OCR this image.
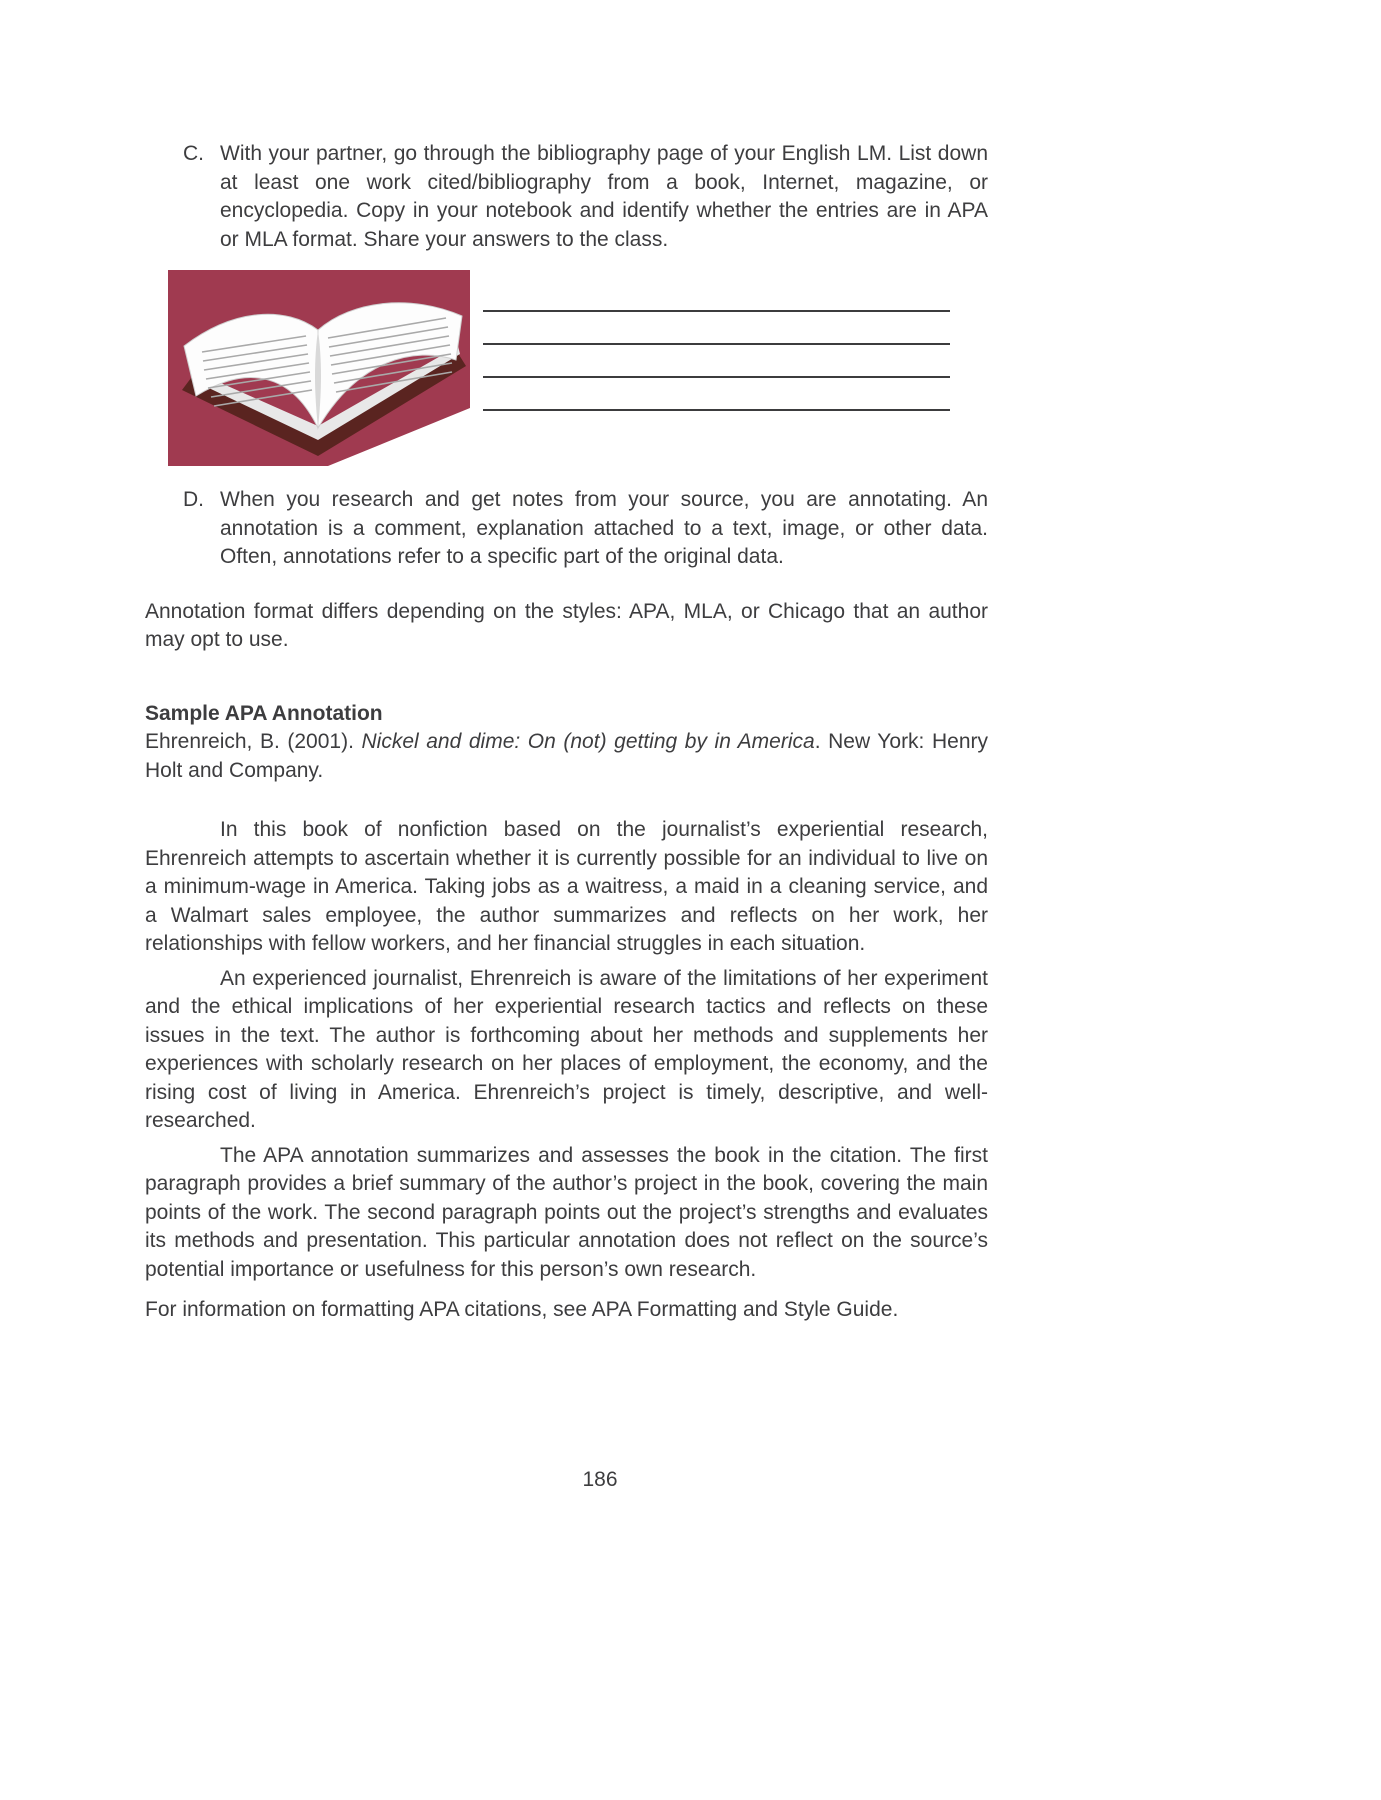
C. With your partner, go through the bibliography page of your English LM. List down at least one work cited/bibliography from a book, Internet, magazine, or encyclopedia. Copy in your notebook and identify whether the entries are in APA or MLA format. Share your answers to the class.
D. When you research and get notes from your source, you are annotating. An annotation is a comment, explanation attached to a text, image, or other data. Often, annotations refer to a specific part of the original data.
Annotation format differs depending on the styles: APA, MLA, or Chicago that an author may opt to use.
Sample APA Annotation
Ehrenreich, B. (2001). Nickel and dime: On (not) getting by in America. New York: Henry Holt and Company.
In this book of nonfiction based on the journalist’s experiential research, Ehrenreich attempts to ascertain whether it is currently possible for an individual to live on a minimum-wage in America. Taking jobs as a waitress, a maid in a cleaning service, and a Walmart sales employee, the author summarizes and reflects on her work, her relationships with fellow workers, and her financial struggles in each situation.
An experienced journalist, Ehrenreich is aware of the limitations of her experiment and the ethical implications of her experiential research tactics and reflects on these issues in the text. The author is forthcoming about her methods and supplements her experiences with scholarly research on her places of employment, the economy, and the rising cost of living in America. Ehrenreich’s project is timely, descriptive, and well-researched.
The APA annotation summarizes and assesses the book in the citation. The first paragraph provides a brief summary of the author’s project in the book, covering the main points of the work. The second paragraph points out the project’s strengths and evaluates its methods and presentation. This particular annotation does not reflect on the source’s potential importance or usefulness for this person’s own research.
For information on formatting APA citations, see APA Formatting and Style Guide.
186
